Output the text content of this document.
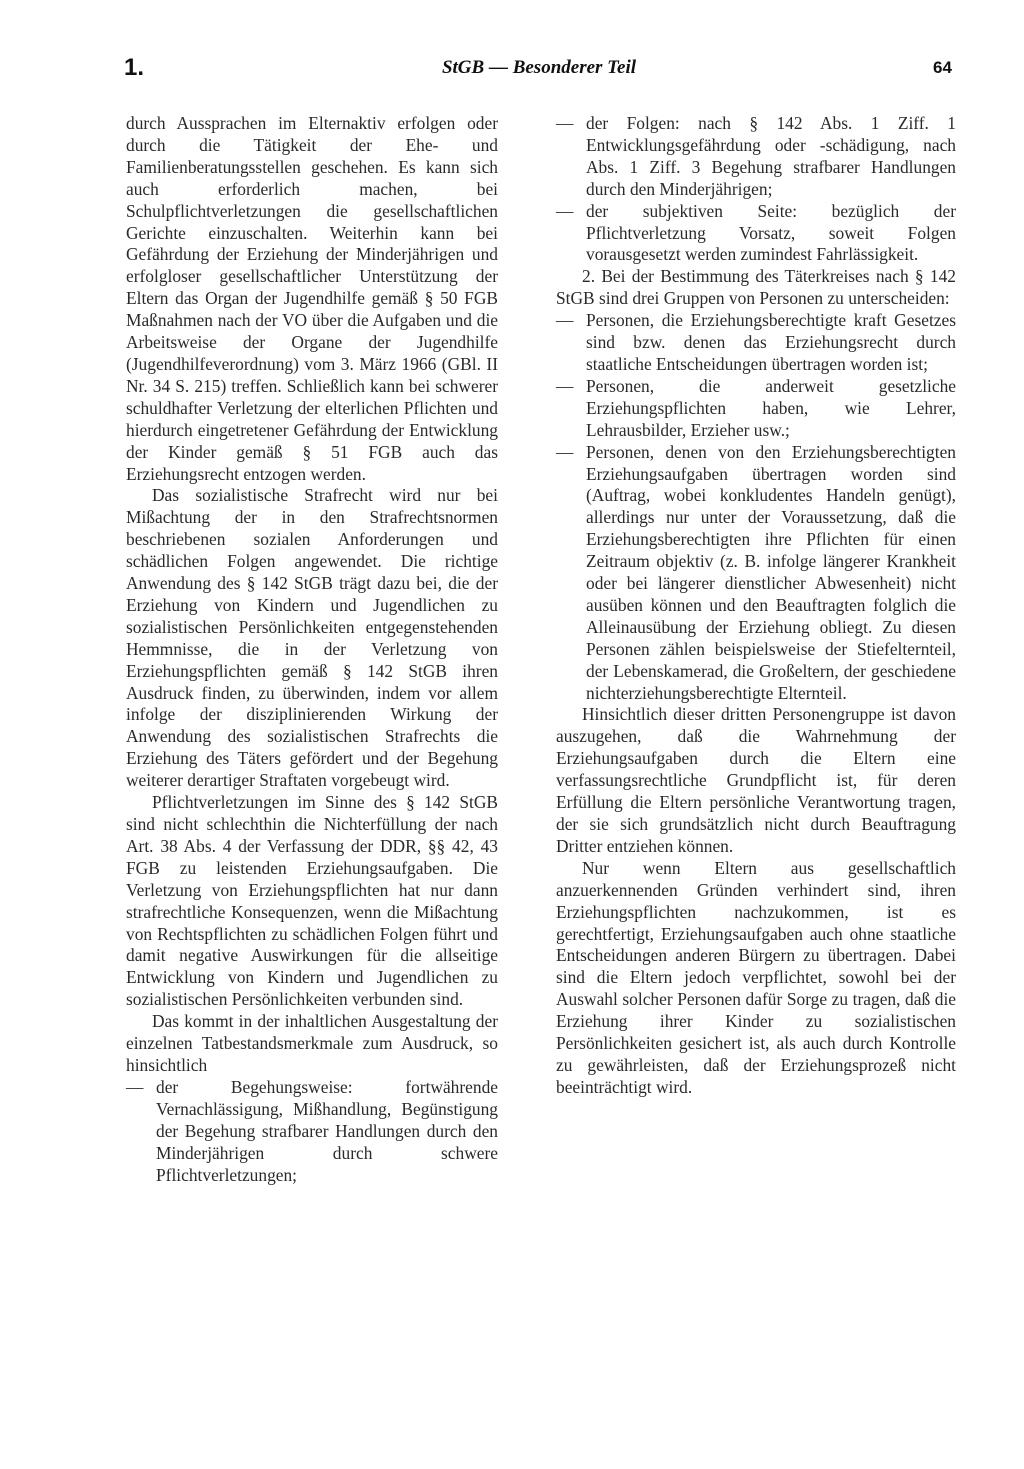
1.	StGB — Besonderer Teil	64

durch Aussprachen im Elternaktiv erfolgen oder durch die Tätigkeit der Ehe- und Familienberatungsstellen geschehen. Es kann sich auch erforderlich machen, bei Schulpflichtverletzungen die gesellschaftlichen Gerichte einzuschalten. Weiterhin kann bei Gefährdung der Erziehung der Minderjährigen und erfolgloser gesellschaftlicher Unterstützung der Eltern das Organ der Jugendhilfe gemäß § 50 FGB Maßnahmen nach der VO über die Aufgaben und die Arbeitsweise der Organe der Jugendhilfe (Jugendhilfeverordnung) vom 3. März 1966 (GBl. II Nr. 34 S. 215) treffen. Schließlich kann bei schwerer schuldhafter Verletzung der elterlichen Pflichten und hierdurch eingetretener Gefährdung der Entwicklung der Kinder gemäß § 51 FGB auch das Erziehungsrecht entzogen werden.

Das sozialistische Strafrecht wird nur bei Mißachtung der in den Strafrechtsnormen beschriebenen sozialen Anforderungen und schädlichen Folgen angewendet. Die richtige Anwendung des § 142 StGB trägt dazu bei, die der Erziehung von Kindern und Jugendlichen zu sozialistischen Persönlichkeiten entgegenstehenden Hemmnisse, die in der Verletzung von Erziehungspflichten gemäß § 142 StGB ihren Ausdruck finden, zu überwinden, indem vor allem infolge der disziplinierenden Wirkung der Anwendung des sozialistischen Strafrechts die Erziehung des Täters gefördert und der Begehung weiterer derartiger Straftaten vorgebeugt wird.

Pflichtverletzungen im Sinne des § 142 StGB sind nicht schlechthin die Nichterfüllung der nach Art. 38 Abs. 4 der Verfassung der DDR, §§ 42, 43 FGB zu leistenden Erziehungsaufgaben. Die Verletzung von Erziehungspflichten hat nur dann strafrechtliche Konsequenzen, wenn die Mißachtung von Rechtspflichten zu schädlichen Folgen führt und damit negative Auswirkungen für die allseitige Entwicklung von Kindern und Jugendlichen zu sozialistischen Persönlichkeiten verbunden sind.

Das kommt in der inhaltlichen Ausgestaltung der einzelnen Tatbestandsmerkmale zum Ausdruck, so hinsichtlich

— der Begehungsweise: fortwährende Vernachlässigung, Mißhandlung, Begünstigung der Begehung strafbarer Handlungen durch den Minderjährigen durch schwere Pflichtverletzungen;
— der Folgen: nach § 142 Abs. 1 Ziff. 1 Entwicklungsgefährdung oder -schädigung, nach Abs. 1 Ziff. 3 Begehung strafbarer Handlungen durch den Minderjährigen;
— der subjektiven Seite: bezüglich der Pflichtverletzung Vorsatz, soweit Folgen vorausgesetzt werden zumindest Fahrlässigkeit.

2. Bei der Bestimmung des Täterkreises nach § 142 StGB sind drei Gruppen von Personen zu unterscheiden:

— Personen, die Erziehungsberechtigte kraft Gesetzes sind bzw. denen das Erziehungsrecht durch staatliche Entscheidungen übertragen worden ist;
— Personen, die anderweit gesetzliche Erziehungspflichten haben, wie Lehrer, Lehrausbilder, Erzieher usw.;
— Personen, denen von den Erziehungsberechtigten Erziehungsaufgaben übertragen worden sind (Auftrag, wobei konkludentes Handeln genügt), allerdings nur unter der Voraussetzung, daß die Erziehungsberechtigten ihre Pflichten für einen Zeitraum objektiv (z. B. infolge längerer Krankheit oder bei längerer dienstlicher Abwesenheit) nicht ausüben können und den Beauftragten folglich die Alleinausübung der Erziehung obliegt. Zu diesen Personen zählen beispielsweise der Stiefelternteil, der Lebenskamerad, die Großeltern, der geschiedene nichterziehungsberechtigte Elternteil.

Hinsichtlich dieser dritten Personengruppe ist davon auszugehen, daß die Wahrnehmung der Erziehungsaufgaben durch die Eltern eine verfassungsrechtliche Grundpflicht ist, für deren Erfüllung die Eltern persönliche Verantwortung tragen, der sie sich grundsätzlich nicht durch Beauftragung Dritter entziehen können.

Nur wenn Eltern aus gesellschaftlich anzuerkennenden Gründen verhindert sind, ihren Erziehungspflichten nachzukommen, ist es gerechtfertigt, Erziehungsaufgaben auch ohne staatliche Entscheidungen anderen Bürgern zu übertragen. Dabei sind die Eltern jedoch verpflichtet, sowohl bei der Auswahl solcher Personen dafür Sorge zu tragen, daß die Erziehung ihrer Kinder zu sozialistischen Persönlichkeiten gesichert ist, als auch durch Kontrolle zu gewährleisten, daß der Erziehungsprozeß nicht beeinträchtigt wird.
